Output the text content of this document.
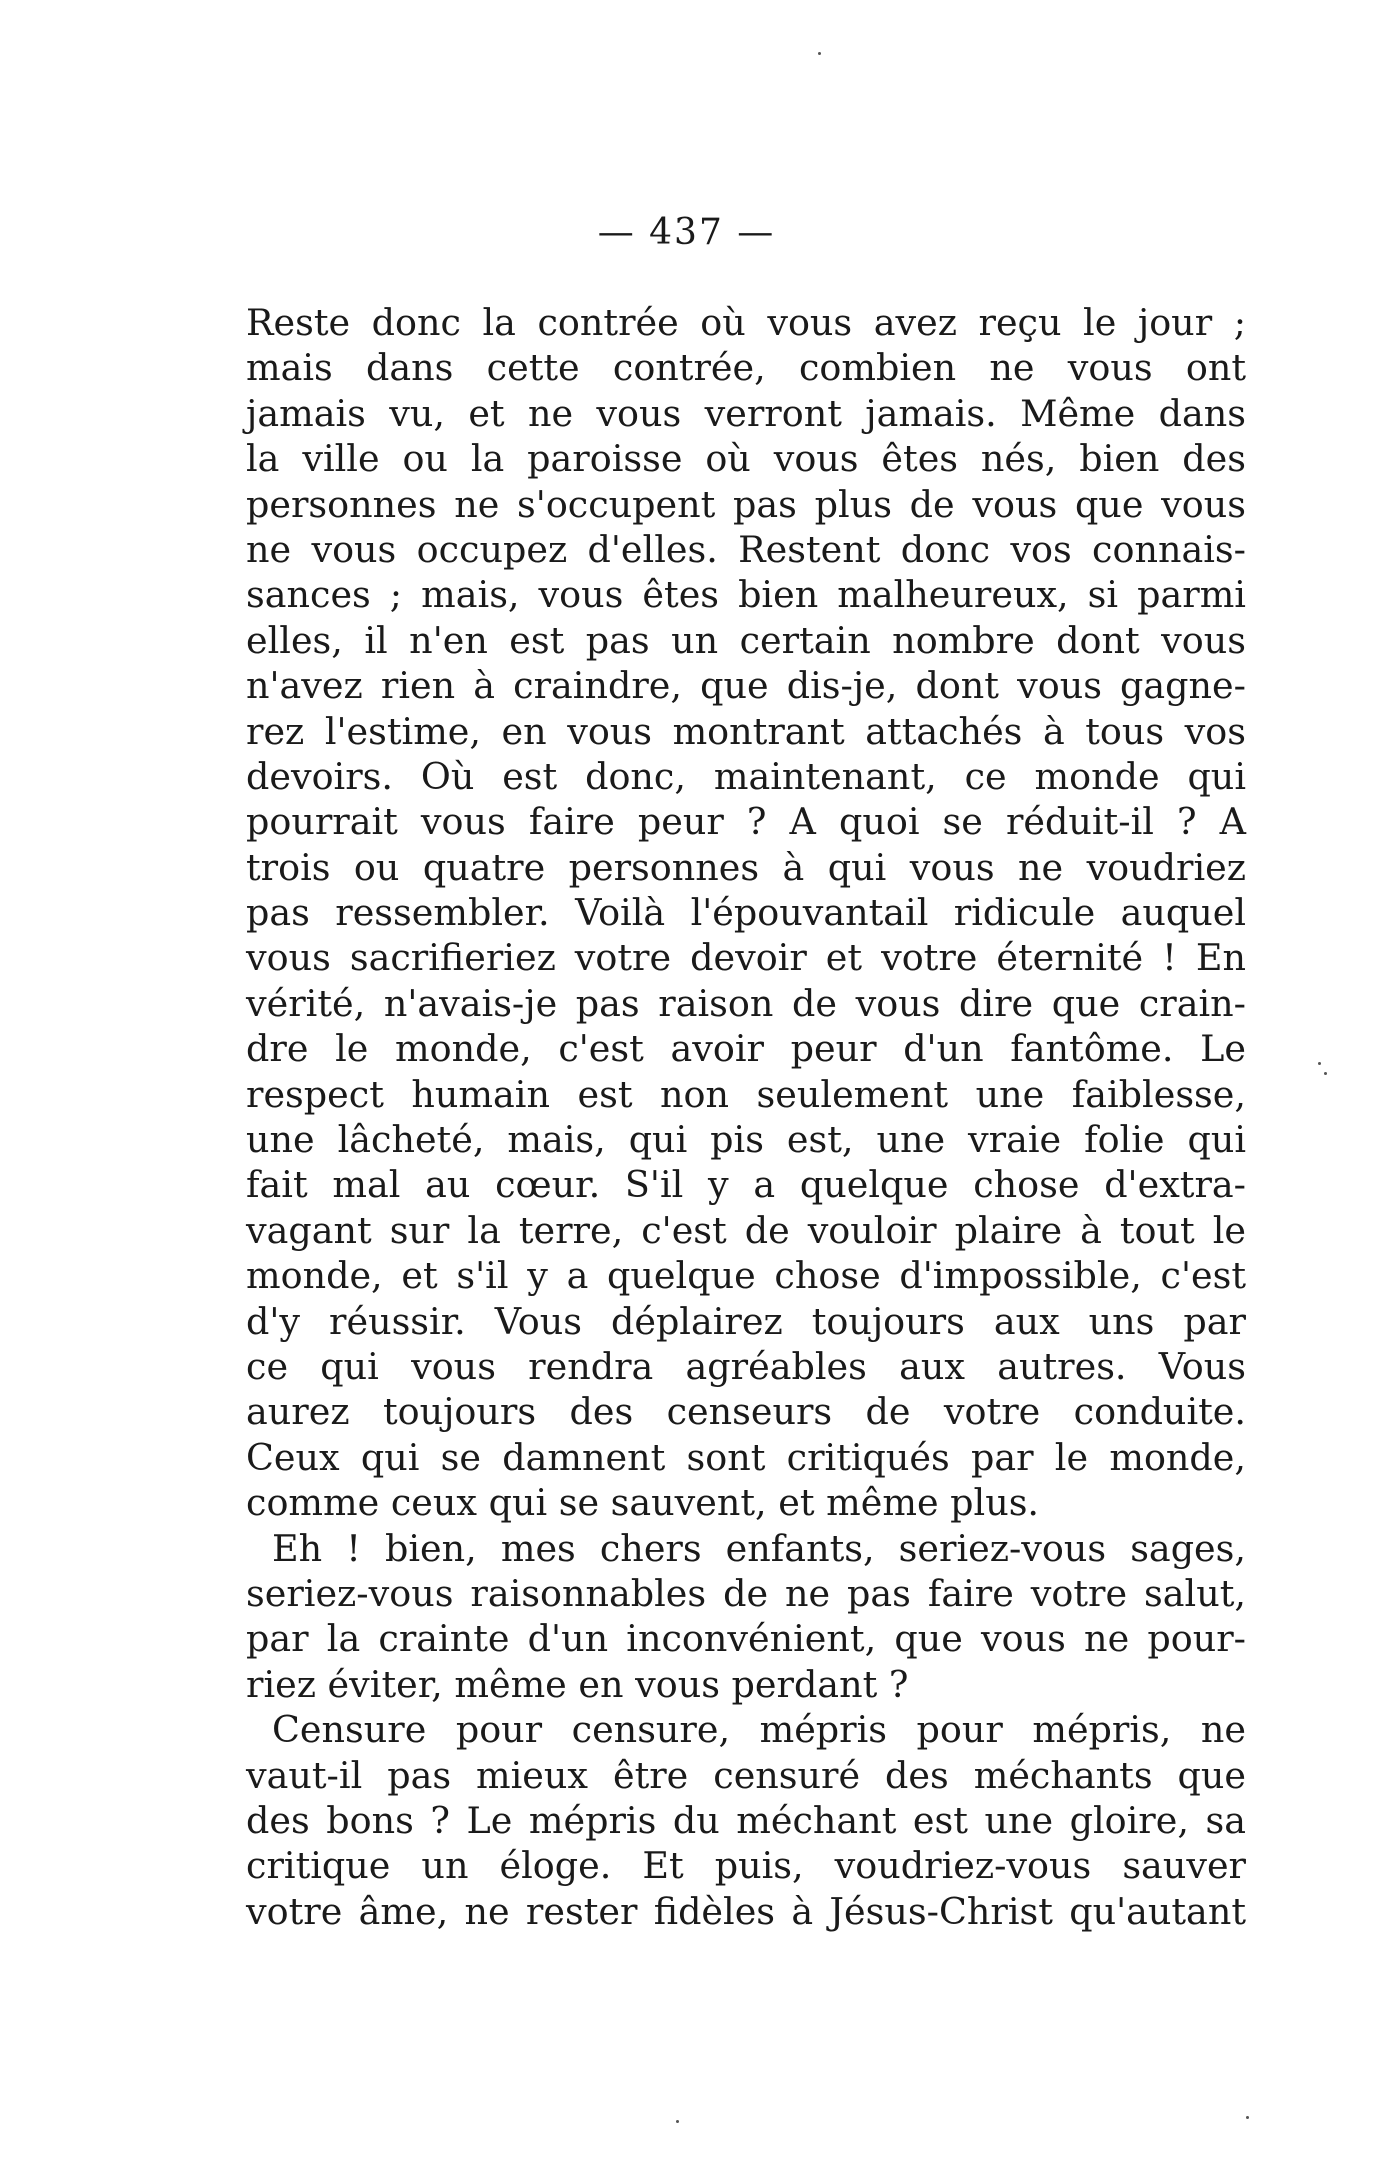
— 437 —
Reste donc la contrée où vous avez reçu le jour ;
mais dans cette contrée, combien ne vous ont
jamais vu, et ne vous verront jamais. Même dans
la ville ou la paroisse où vous êtes nés, bien des
personnes ne s'occupent pas plus de vous que vous
ne vous occupez d'elles. Restent donc vos connais-
sances ; mais, vous êtes bien malheureux, si parmi
elles, il n'en est pas un certain nombre dont vous
n'avez rien à craindre, que dis-je, dont vous gagne-
rez l'estime, en vous montrant attachés à tous vos
devoirs. Où est donc, maintenant, ce monde qui
pourrait vous faire peur ? A quoi se réduit-il ? A
trois ou quatre personnes à qui vous ne voudriez
pas ressembler. Voilà l'épouvantail ridicule auquel
vous sacrifieriez votre devoir et votre éternité ! En
vérité, n'avais-je pas raison de vous dire que crain-
dre le monde, c'est avoir peur d'un fantôme. Le
respect humain est non seulement une faiblesse,
une lâcheté, mais, qui pis est, une vraie folie qui
fait mal au cœur. S'il y a quelque chose d'extra-
vagant sur la terre, c'est de vouloir plaire à tout le
monde, et s'il y a quelque chose d'impossible, c'est
d'y réussir. Vous déplairez toujours aux uns par
ce qui vous rendra agréables aux autres. Vous
aurez toujours des censeurs de votre conduite.
Ceux qui se damnent sont critiqués par le monde,
comme ceux qui se sauvent, et même plus.
Eh ! bien, mes chers enfants, seriez-vous sages,
seriez-vous raisonnables de ne pas faire votre salut,
par la crainte d'un inconvénient, que vous ne pour-
riez éviter, même en vous perdant ?
Censure pour censure, mépris pour mépris, ne
vaut-il pas mieux être censuré des méchants que
des bons ? Le mépris du méchant est une gloire, sa
critique un éloge. Et puis, voudriez-vous sauver
votre âme, ne rester fidèles à Jésus-Christ qu'autant
